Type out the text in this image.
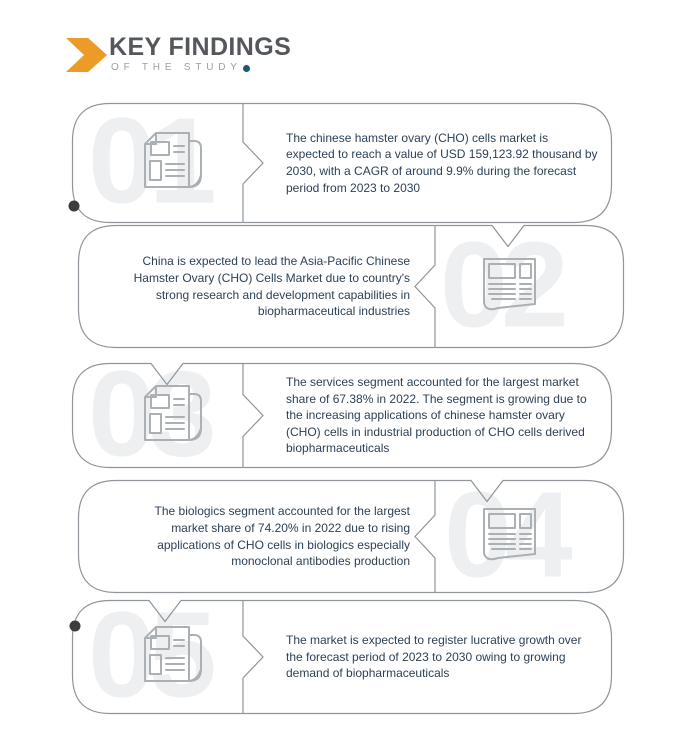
KEY FINDINGS
OF THE STUDY
01	The chinese hamster ovary (CHO) cells market is expected to reach a value of USD 159,123.92 thousand by 2030, with a CAGR of around 9.9% during the forecast period from 2023 to 2030

02

China is expected to lead the Asia-Pacific Chinese Hamster Ovary (CHO) Cells Market due to country's strong research and development capabilities in biopharmaceutical industries

03	The services segment accounted for the largest market share of 67.38% in 2022. The segment is growing due to the increasing applications of chinese hamster ovary (CHO) cells in industrial production of CHO cells derived biopharmaceuticals

04

The biologics segment accounted for the largest market share of 74.20% in 2022 due to rising applications of CHO cells in biologics especially monoclonal antibodies production

05	The market is expected to register lucrative growth over the forecast period of 2023 to 2030 owing to growing demand of biopharmaceuticals
